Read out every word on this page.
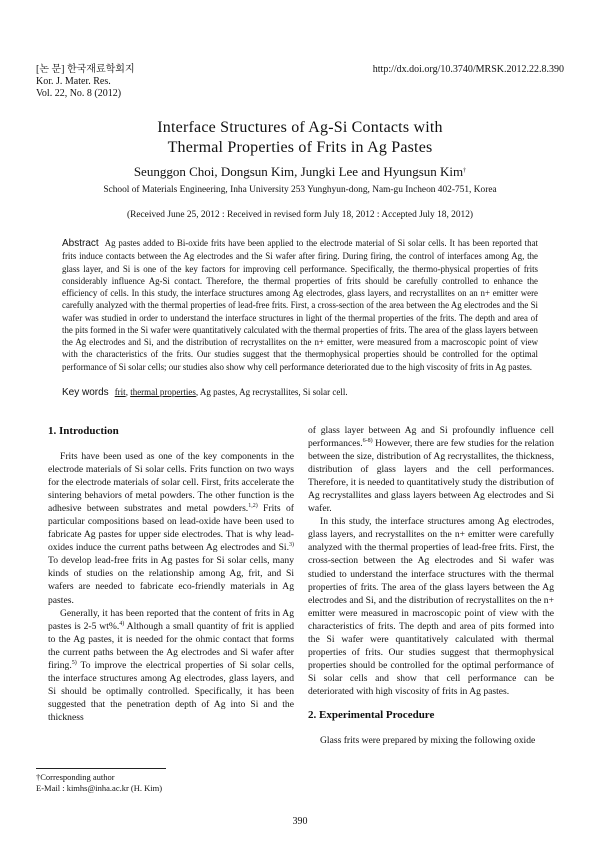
[논 문] 한국재료학회지
Kor. J. Mater. Res.
Vol. 22, No. 8 (2012)
http://dx.doi.org/10.3740/MRSK.2012.22.8.390
Interface Structures of Ag-Si Contacts with
Thermal Properties of Frits in Ag Pastes
Seunggon Choi, Dongsun Kim, Jungki Lee and Hyungsun Kim†
School of Materials Engineering, Inha University 253 Yunghyun-dong, Nam-gu Incheon 402-751, Korea
(Received June 25, 2012 : Received in revised form July 18, 2012 : Accepted July 18, 2012)
Abstract Ag pastes added to Bi-oxide frits have been applied to the electrode material of Si solar cells. It has been reported that frits induce contacts between the Ag electrodes and the Si wafer after firing. During firing, the control of interfaces among Ag, the glass layer, and Si is one of the key factors for improving cell performance. Specifically, the thermo-physical properties of frits considerably influence Ag-Si contact. Therefore, the thermal properties of frits should be carefully controlled to enhance the efficiency of cells. In this study, the interface structures among Ag electrodes, glass layers, and recrystallites on an n+ emitter were carefully analyzed with the thermal properties of lead-free frits. First, a cross-section of the area between the Ag electrodes and the Si wafer was studied in order to understand the interface structures in light of the thermal properties of the frits. The depth and area of the pits formed in the Si wafer were quantitatively calculated with the thermal properties of frits. The area of the glass layers between the Ag electrodes and Si, and the distribution of recrystallites on the n+ emitter, were measured from a macroscopic point of view with the characteristics of the frits. Our studies suggest that the thermophysical properties should be controlled for the optimal performance of Si solar cells; our studies also show why cell performance deteriorated due to the high viscosity of frits in Ag pastes.
Key words frit, thermal properties, Ag pastes, Ag recrystallites, Si solar cell.
1. Introduction

Frits have been used as one of the key components in the electrode materials of Si solar cells. Frits function on two ways for the electrode materials of solar cell. First, frits accelerate the sintering behaviors of metal powders. The other function is the adhesive between substrates and metal powders.$^{1,2)}$ Frits of particular compositions based on lead-oxide have been used to fabricate Ag pastes for upper side electrodes. That is why lead-oxides induce the current paths between Ag electrodes and Si.$^{3)}$ To develop lead-free frits in Ag pastes for Si solar cells, many kinds of studies on the relationship among Ag, frit, and Si wafers are needed to fabricate eco-friendly materials in Ag pastes.

Generally, it has been reported that the content of frits in Ag pastes is 2-5 wt%.$^{4)}$ Although a small quantity of frit is applied to the Ag pastes, it is needed for the ohmic contact that forms the current paths between the Ag electrodes and Si wafer after firing.$^{5)}$ To improve the electrical properties of Si solar cells, the interface structures among Ag electrodes, glass layers, and Si should be optimally controlled. Specifically, it has been suggested that the penetration depth of Ag into Si and the thickness

of glass layer between Ag and Si profoundly influence cell performances.$^{6-8)}$ However, there are few studies for the relation between the size, distribution of Ag recrystallites, the thickness, distribution of glass layers and the cell performances. Therefore, it is needed to quantitatively study the distribution of Ag recrystallites and glass layers between Ag electrodes and Si wafer.

In this study, the interface structures among Ag electrodes, glass layers, and recrystallites on the n+ emitter were carefully analyzed with the thermal properties of lead-free frits. First, the cross-section between the Ag electrodes and Si wafer was studied to understand the interface structures with the thermal properties of frits. The area of the glass layers between the Ag electrodes and Si, and the distribution of recrystallites on the n+ emitter were measured in macroscopic point of view with the characteristics of frits. The depth and area of pits formed into the Si wafer were quantitatively calculated with thermal properties of frits. Our studies suggest that thermophysical properties should be controlled for the optimal performance of Si solar cells and show that cell performance can be deteriorated with high viscosity of frits in Ag pastes.

2. Experimental Procedure

Glass frits were prepared by mixing the following oxide

†Corresponding author
E-Mail : kimhs@inha.ac.kr (H. Kim)
390
